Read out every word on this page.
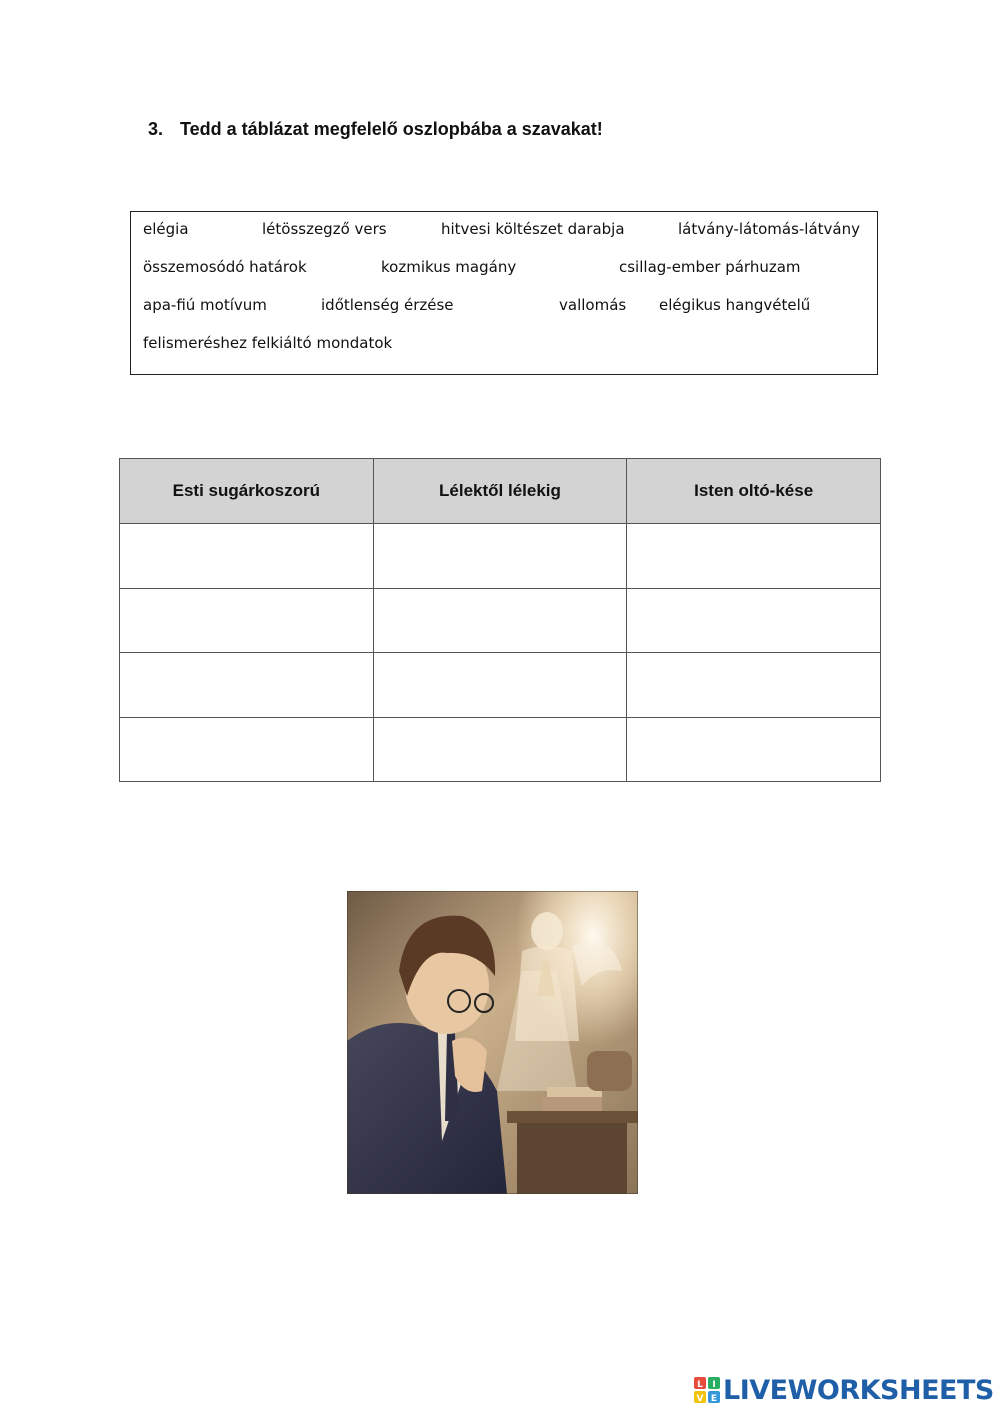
3. Tedd a táblázat megfelelő oszlopbába a szavakat!
elégia	létösszegző vers	hitvesi költészet darabja	látvány-látomás-látvány
összemosódó határok	kozmikus magány	csillag-ember párhuzam
apa-fiú motívum	időtlenség érzése	vallomás elégikus hangvételű
felismeréshez felkiáltó mondatok
Esti sugárkoszorú	Lélektől lélekig	Isten oltó-kése

L I
V E LIVEWORKSHEETS
